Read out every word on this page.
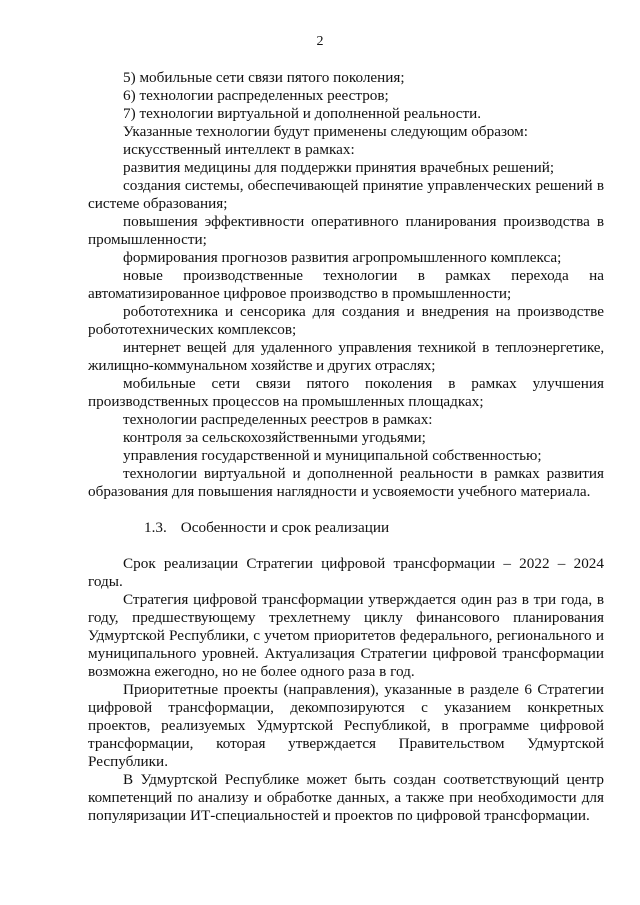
2

5) мобильные сети связи пятого поколения;

6) технологии распределенных реестров;

7) технологии виртуальной и дополненной реальности.

Указанные технологии будут применены следующим образом:

искусственный интеллект в рамках:

развития медицины для поддержки принятия врачебных решений;

создания системы, обеспечивающей принятие управленческих решений в системе образования;

повышения эффективности оперативного планирования производства в промышленности;

формирования прогнозов развития агропромышленного комплекса;

новые производственные технологии в рамках перехода на автоматизированное цифровое производство в промышленности;

робототехника и сенсорика для создания и внедрения на производстве робототехнических комплексов;

интернет вещей для удаленного управления техникой в теплоэнергетике, жилищно-коммунальном хозяйстве и других отраслях;

мобильные сети связи пятого поколения в рамках улучшения производственных процессов на промышленных площадках;

технологии распределенных реестров в рамках:

контроля за сельскохозяйственными угодьями;

управления государственной и муниципальной собственностью;

технологии виртуальной и дополненной реальности в рамках развития образования для повышения наглядности и усвояемости учебного материала.

1.3. Особенности и срок реализации

Срок реализации Стратегии цифровой трансформации – 2022 – 2024 годы.

Стратегия цифровой трансформации утверждается один раз в три года, в году, предшествующему трехлетнему циклу финансового планирования Удмуртской Республики, с учетом приоритетов федерального, регионального и муниципального уровней. Актуализация Стратегии цифровой трансформации возможна ежегодно, но не более одного раза в год.

Приоритетные проекты (направления), указанные в разделе 6 Стратегии цифровой трансформации, декомпозируются с указанием конкретных проектов, реализуемых Удмуртской Республикой, в программе цифровой трансформации, которая утверждается Правительством Удмуртской Республики.

В Удмуртской Республике может быть создан соответствующий центр компетенций по анализу и обработке данных, а также при необходимости для популяризации ИТ-специальностей и проектов по цифровой трансформации.
